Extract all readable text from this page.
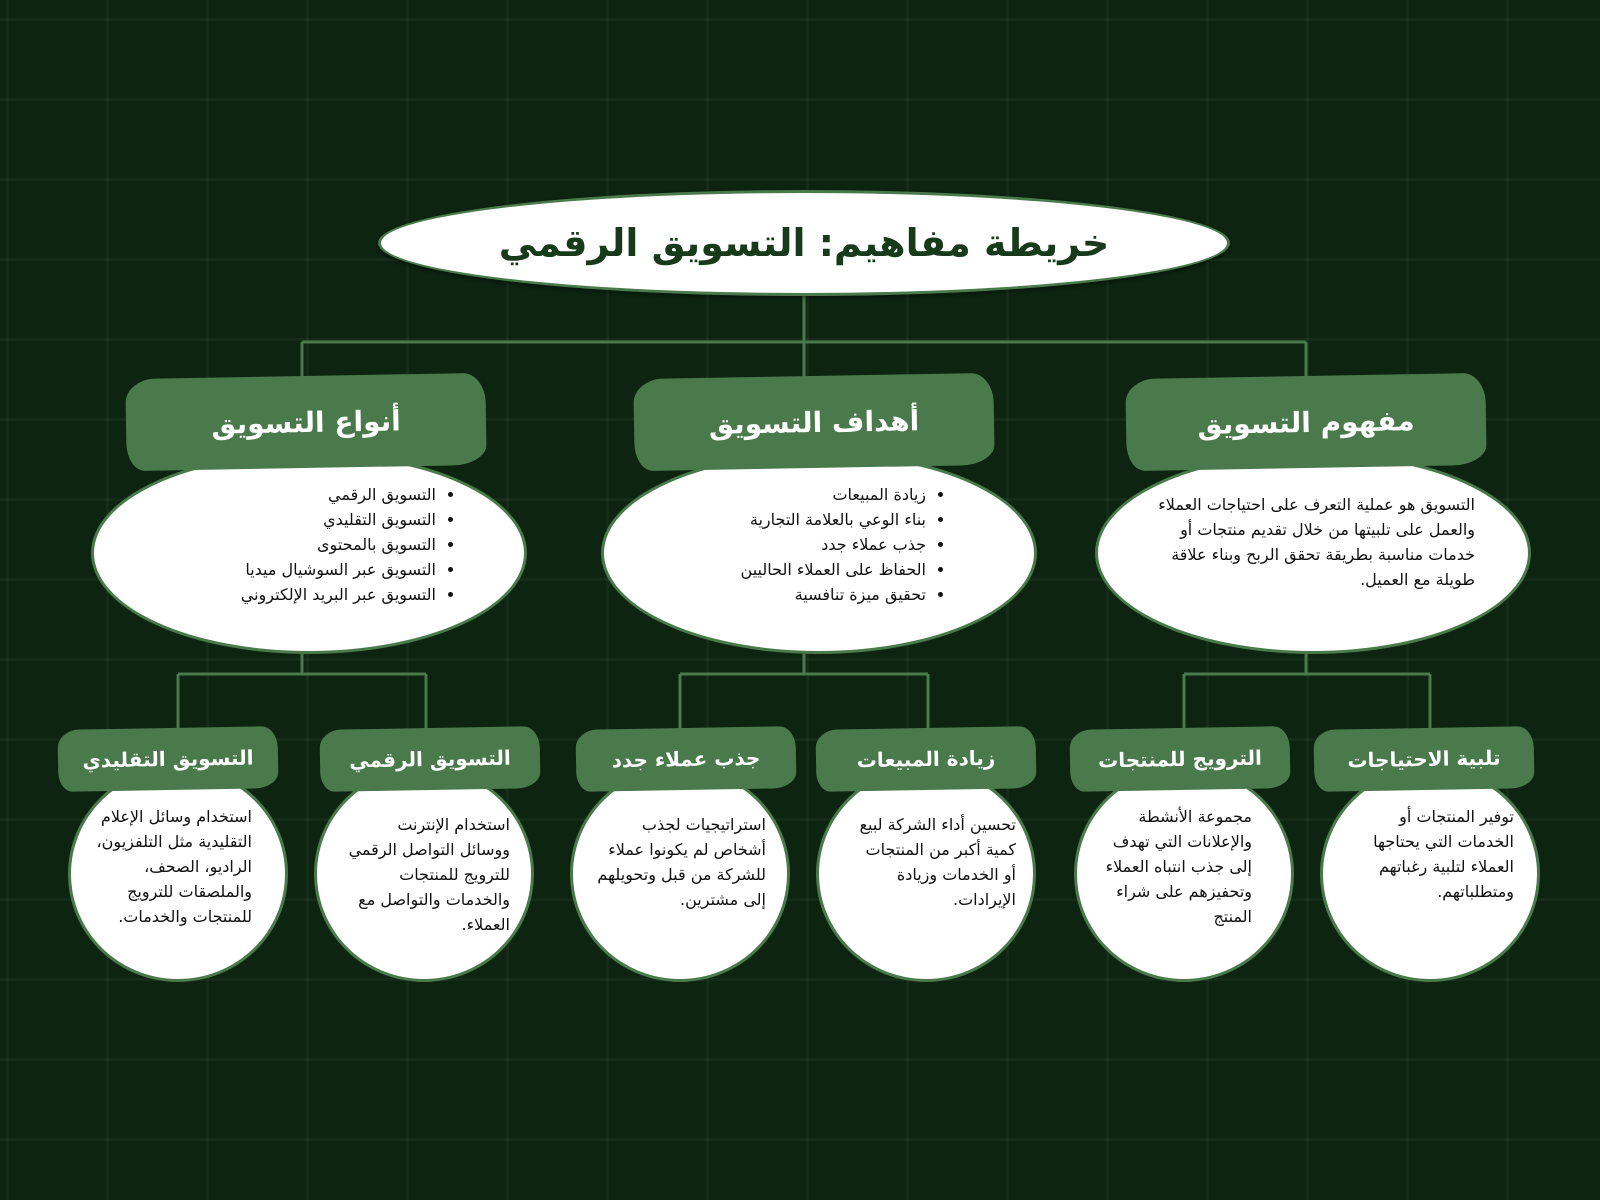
خريطة مفاهيم: التسويق الرقمي
مفهوم التسويق

التسويق هو عملية التعرف على احتياجات العملاء والعمل على تلبيتها من خلال تقديم منتجات أو خدمات مناسبة بطريقة تحقق الربح وبناء علاقة طويلة مع العميل.

أهداف التسويق
• زيادة المبيعات
• بناء الوعي بالعلامة التجارية
• جذب عملاء جدد
• الحفاظ على العملاء الحاليين
• تحقيق ميزة تنافسية
أنواع التسويق
• التسويق الرقمي
• التسويق التقليدي
• التسويق بالمحتوى
• التسويق عبر السوشيال ميديا
• التسويق عبر البريد الإلكتروني
تلبية الاحتياجات

توفير المنتجات أو الخدمات التي يحتاجها العملاء لتلبية رغباتهم ومتطلباتهم.

الترويج للمنتجات

مجموعة الأنشطة والإعلانات التي تهدف إلى جذب انتباه العملاء وتحفيزهم على شراء المنتج

زيادة المبيعات

تحسين أداء الشركة لبيع كمية أكبر من المنتجات أو الخدمات وزيادة الإيرادات.

جذب عملاء جدد

استراتيجيات لجذب أشخاص لم يكونوا عملاء للشركة من قبل وتحويلهم إلى مشترين.

التسويق الرقمي

استخدام الإنترنت ووسائل التواصل الرقمي للترويج للمنتجات والخدمات والتواصل مع العملاء.

التسويق التقليدي

استخدام وسائل الإعلام التقليدية مثل التلفزيون، الراديو، الصحف، والملصقات للترويج للمنتجات والخدمات.
